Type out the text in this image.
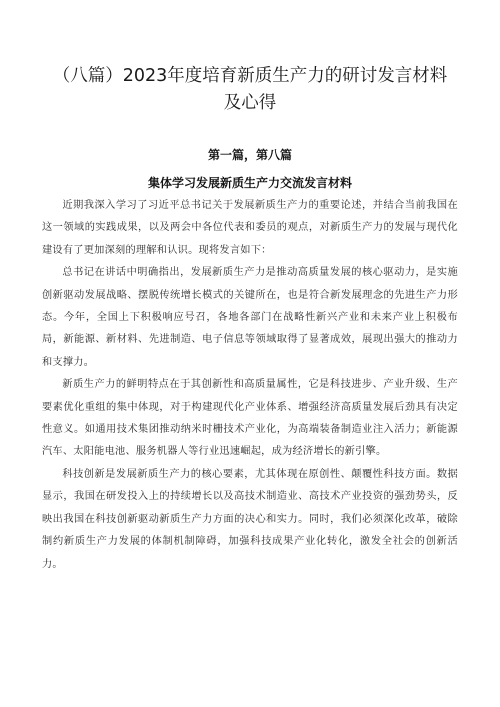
（八篇）2023年度培育新质生产力的研讨发言材料及心得
第一篇，第八篇
集体学习发展新质生产力交流发言材料

近期我深入学习了习近平总书记关于发展新质生产力的重要论述，并结合当前我国在这一领域的实践成果，以及两会中各位代表和委员的观点，对新质生产力的发展与现代化建设有了更加深刻的理解和认识。现将发言如下：

总书记在讲话中明确指出，发展新质生产力是推动高质量发展的核心驱动力，是实施创新驱动发展战略、摆脱传统增长模式的关键所在，也是符合新发展理念的先进生产力形态。今年，全国上下积极响应号召，各地各部门在战略性新兴产业和未来产业上积极布局，新能源、新材料、先进制造、电子信息等领域取得了显著成效，展现出强大的推动力和支撑力。

新质生产力的鲜明特点在于其创新性和高质量属性，它是科技进步、产业升级、生产要素优化重组的集中体现，对于构建现代化产业体系、增强经济高质量发展后劲具有决定性意义。如通用技术集团推动纳米时栅技术产业化，为高端装备制造业注入活力；新能源汽车、太阳能电池、服务机器人等行业迅速崛起，成为经济增长的新引擎。

科技创新是发展新质生产力的核心要素，尤其体现在原创性、颠覆性科技方面。数据显示，我国在研发投入上的持续增长以及高技术制造业、高技术产业投资的强劲势头，反映出我国在科技创新驱动新质生产力方面的决心和实力。同时，我们必须深化改革，破除制约新质生产力发展的体制机制障碍，加强科技成果产业化转化，激发全社会的创新活力。
